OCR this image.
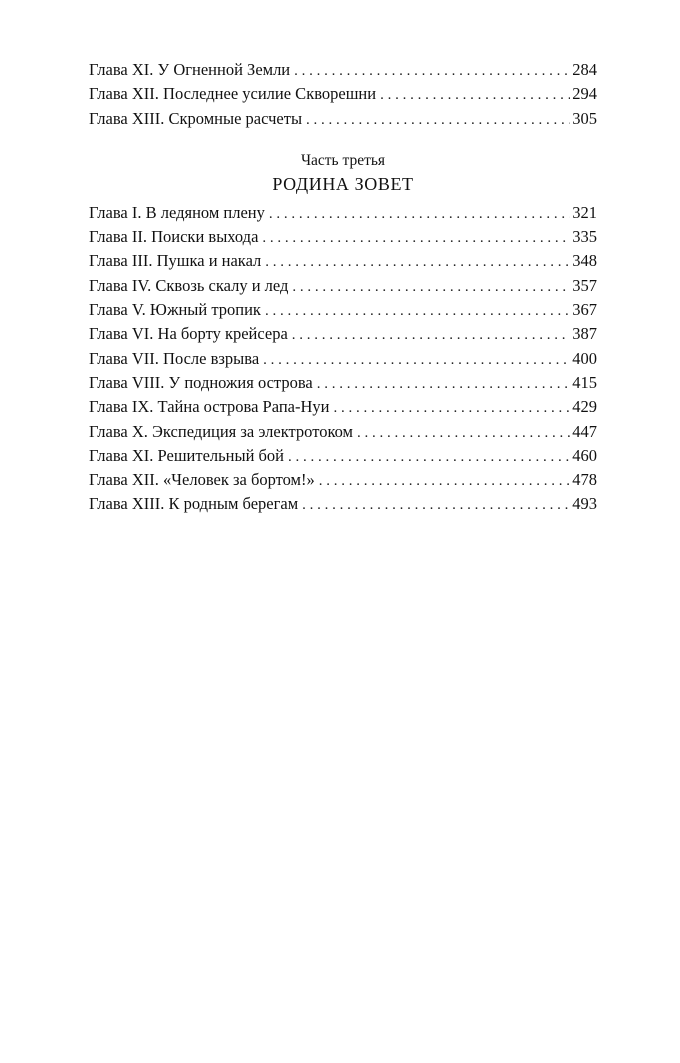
Глава XI. У Огненной Земли . . .	284
Глава XII. Последнее усилие Скворешни . . .	294
Глава XIII. Скромные расчеты . . .	305
Часть третья
РОДИНА ЗОВЕТ
Глава I. В ледяном плену . . .	321
Глава II. Поиски выхода . . .	335
Глава III. Пушка и накал . . .	348
Глава IV. Сквозь скалу и лед . . .	357
Глава V. Южный тропик . . .	367
Глава VI. На борту крейсера . . .	387
Глава VII. После взрыва . . .	400
Глава VIII. У подножия острова . . .	415
Глава IX. Тайна острова Рапа-Нуи . . .	429
Глава X. Экспедиция за электротоком . . .	447
Глава XI. Решительный бой . . .	460
Глава XII. «Человек за бортом!» . . .	478
Глава XIII. К родным берегам . . .	493
